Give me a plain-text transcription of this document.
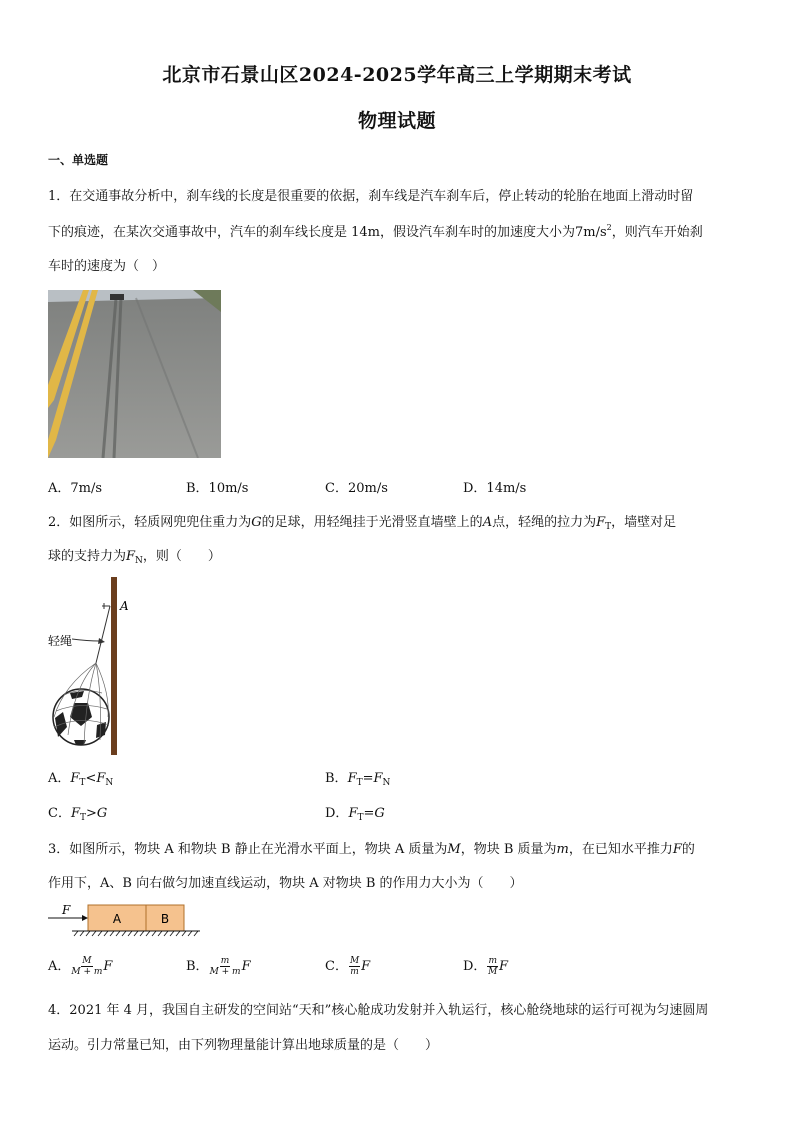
北京市石景山区2024-2025学年高三上学期期末考试
物理试题
一、单选题
1．在交通事故分析中，刹车线的长度是很重要的依据，刹车线是汽车刹车后，停止转动的轮胎在地面上滑动时留
下的痕迹，在某次交通事故中，汽车的刹车线长度是 14m，假设汽车刹车时的加速度大小为$7m/s^2$，则汽车开始刹
车时的速度为（　）
A．7m/s	B．10m/s	C．20m/s	D．14m/s
2．如图所示，轻质网兜兜住重力为G的足球，用轻绳挂于光滑竖直墙壁上的A点，轻绳的拉力为$F_T$，墙壁对足
球的支持力为$F_N$，则（　　）
A
轻绳
A．$F_T<F_N$	B．$F_T=F_N$
C．$F_T>G$	D．$F_T=G$
3．如图所示，物块 A 和物块 B 静止在光滑水平面上，物块 A 质量为M，物块 B 质量为m，在已知水平推力F的
作用下，A、B 向右做匀加速直线运动，物块 A 对物块 B 的作用力大小为（　　）
F
A	B
A． $\frac{M}{M + m}$ F	B． $\frac{m}{M + m}$ F	C． $\frac{M}{m}$ F	D． $\frac{m}{M}$ F
4．2021 年 4 月，我国自主研发的空间站“天和”核心舱成功发射并入轨运行，核心舱绕地球的运行可视为匀速圆周
运动。引力常量已知，由下列物理量能计算出地球质量的是（　　）
